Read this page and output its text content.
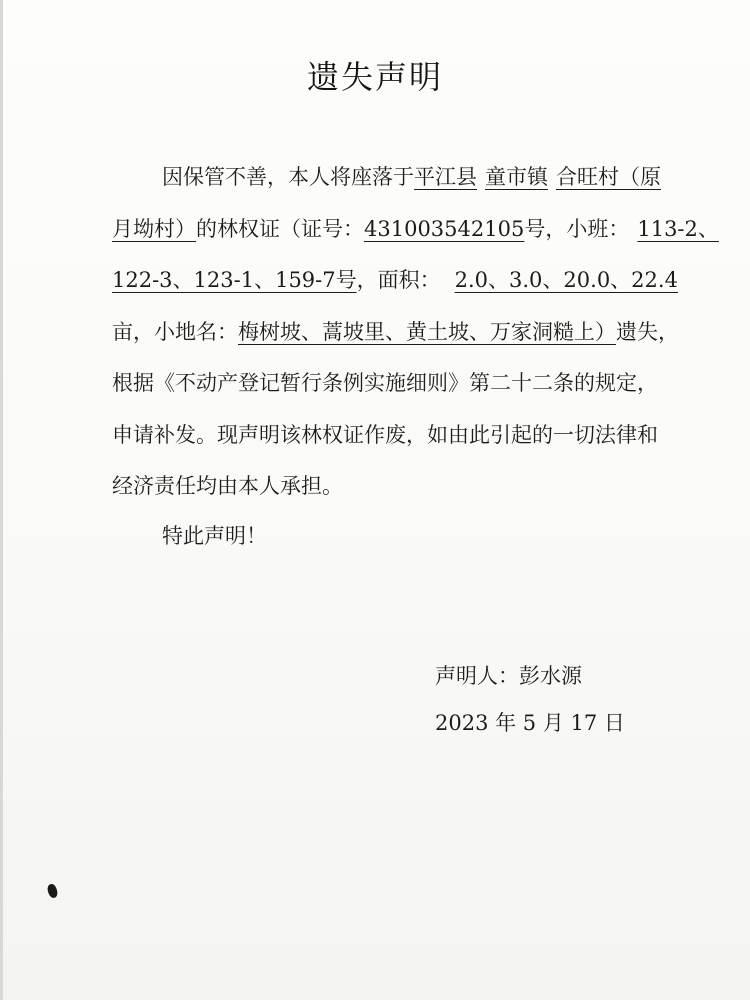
遗失声明
因保管不善，本人将座落于平江县 童市镇 合旺村（原
月坳村）的林权证（证号：431003542105号，小班： 113-2、
122-3、123-1、159-7号，面积： 2.0、3.0、20.0、22.4
亩，小地名：梅树坡、蒿坡里、黄土坡、万家洞糙上）遗失，
根据《不动产登记暂行条例实施细则》第二十二条的规定，
申请补发。现声明该林权证作废，如由此引起的一切法律和
经济责任均由本人承担。
特此声明！
声明人：彭水源
2023 年 5 月 17 日
